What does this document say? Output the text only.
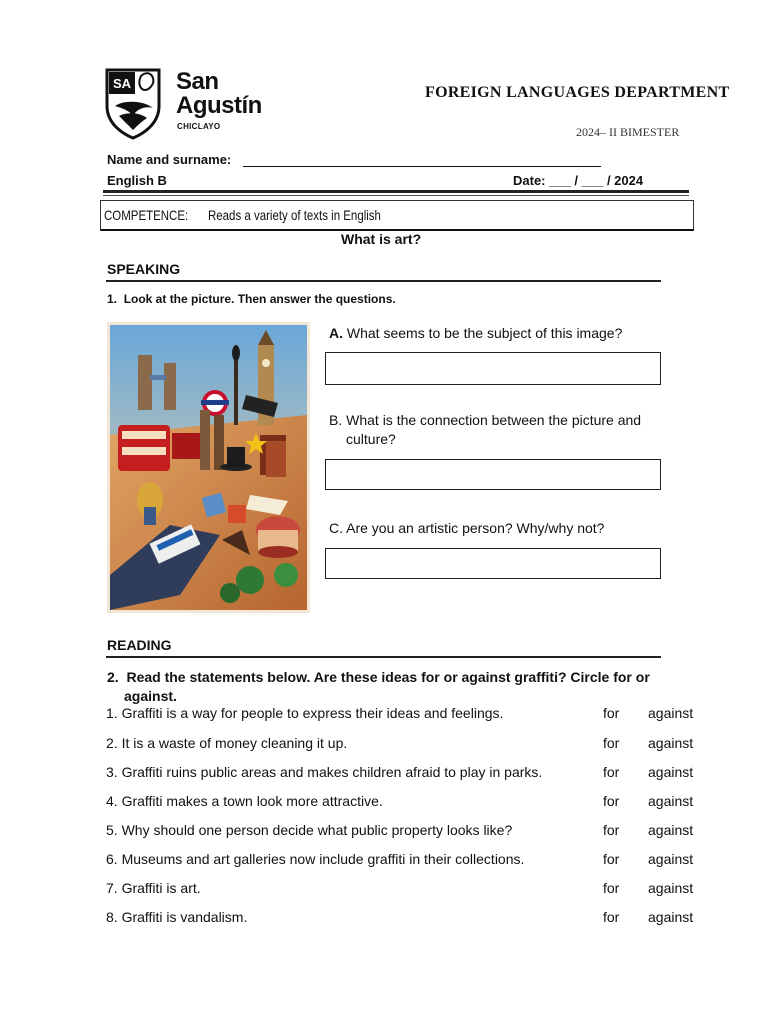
SA San
Agustín
CHICLAYO
FOREIGN LANGUAGES DEPARTMENT
2024– II BIMESTER
Name and surname:
English B	Date: ___ / ___ / 2024
COMPETENCE: Reads a variety of texts in English
What is art?
SPEAKING
1. Look at the picture. Then answer the questions.
A. What seems to be the subject of this image?
B. What is the connection between the picture and
culture?
C. Are you an artistic person? Why/why not?
READING
2. Read the statements below. Are these ideas for or against graffiti? Circle for or
against.
1. Graffiti is a way for people to express their ideas and feelings.	for against
2. It is a waste of money cleaning it up.	for against
3. Graffiti ruins public areas and makes children afraid to play in parks.	for against
4. Graffiti makes a town look more attractive.	for against
5. Why should one person decide what public property looks like?	for against
6. Museums and art galleries now include graffiti in their collections.	for against
7. Graffiti is art.	for against
8. Graffiti is vandalism.	for against
